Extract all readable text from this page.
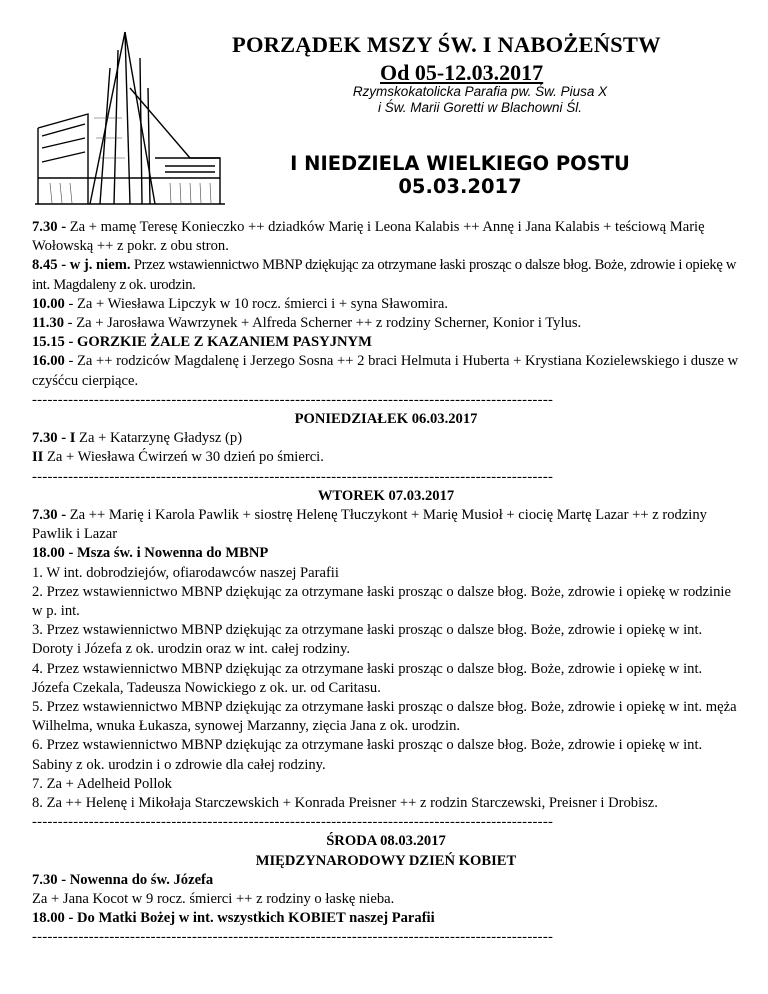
PORZĄDEK MSZY ŚW. I NABOŻEŃSTW
Od 05-12.03.2017
Rzymskokatolicka Parafia pw. Św. Piusa X
i Św. Marii Goretti w Blachowni Śl.
I NIEDZIELA WIELKIEGO POSTU
05.03.2017

7.30 - Za + mamę Teresę Konieczko ++ dziadków Marię i Leona Kalabis ++ Annę i Jana Kalabis + teściową Marię Wołowską ++ z pokr. z obu stron.

8.45 - w j. niem. Przez wstawiennictwo MBNP dziękując za otrzymane łaski prosząc o dalsze błog. Boże, zdrowie i opiekę w int. Magdaleny z ok. urodzin.

10.00 - Za + Wiesława Lipczyk w 10 rocz. śmierci i + syna Sławomira.

11.30 - Za + Jarosława Wawrzynek + Alfreda Scherner ++ z rodziny Scherner, Konior i Tylus.

15.15 - GORZKIE ŻALE Z KAZANIEM PASYJNYM

16.00 - Za ++ rodziców Magdalenę i Jerzego Sosna ++ 2 braci Helmuta i Huberta + Krystiana Kozielewskiego i dusze w czyśćcu cierpiące.

-----------------------------------------------------------------------------------------------------

PONIEDZIAŁEK 06.03.2017

7.30 - I Za + Katarzynę Gładysz (p)

II Za + Wiesława Ćwirzeń w 30 dzień po śmierci.

-----------------------------------------------------------------------------------------------------

WTOREK 07.03.2017

7.30 - Za ++ Marię i Karola Pawlik + siostrę Helenę Tłuczykont + Marię Musioł + ciocię Martę Lazar ++ z rodziny Pawlik i Lazar

18.00 - Msza św. i Nowenna do MBNP

1. W int. dobrodziejów, ofiarodawców naszej Parafii

2. Przez wstawiennictwo MBNP dziękując za otrzymane łaski prosząc o dalsze błog. Boże, zdrowie i opiekę w rodzinie w p. int.

3. Przez wstawiennictwo MBNP dziękując za otrzymane łaski prosząc o dalsze błog. Boże, zdrowie i opiekę w int. Doroty i Józefa z ok. urodzin oraz w int. całej rodziny.

4. Przez wstawiennictwo MBNP dziękując za otrzymane łaski prosząc o dalsze błog. Boże, zdrowie i opiekę w int. Józefa Czekala, Tadeusza Nowickiego z ok. ur. od Caritasu.

5. Przez wstawiennictwo MBNP dziękując za otrzymane łaski prosząc o dalsze błog. Boże, zdrowie i opiekę w int. męża Wilhelma, wnuka Łukasza, synowej Marzanny, zięcia Jana z ok. urodzin.

6. Przez wstawiennictwo MBNP dziękując za otrzymane łaski prosząc o dalsze błog. Boże, zdrowie i opiekę w int. Sabiny z ok. urodzin i o zdrowie dla całej rodziny.

7. Za + Adelheid Pollok

8. Za ++ Helenę i Mikołaja Starczewskich + Konrada Preisner ++ z rodzin Starczewski, Preisner i Drobisz.

-----------------------------------------------------------------------------------------------------

ŚRODA 08.03.2017

MIĘDZYNARODOWY DZIEŃ KOBIET

7.30 - Nowenna do św. Józefa

Za + Jana Kocot w 9 rocz. śmierci ++ z rodziny o łaskę nieba.

18.00 - Do Matki Bożej w int. wszystkich KOBIET naszej Parafii

-----------------------------------------------------------------------------------------------------
